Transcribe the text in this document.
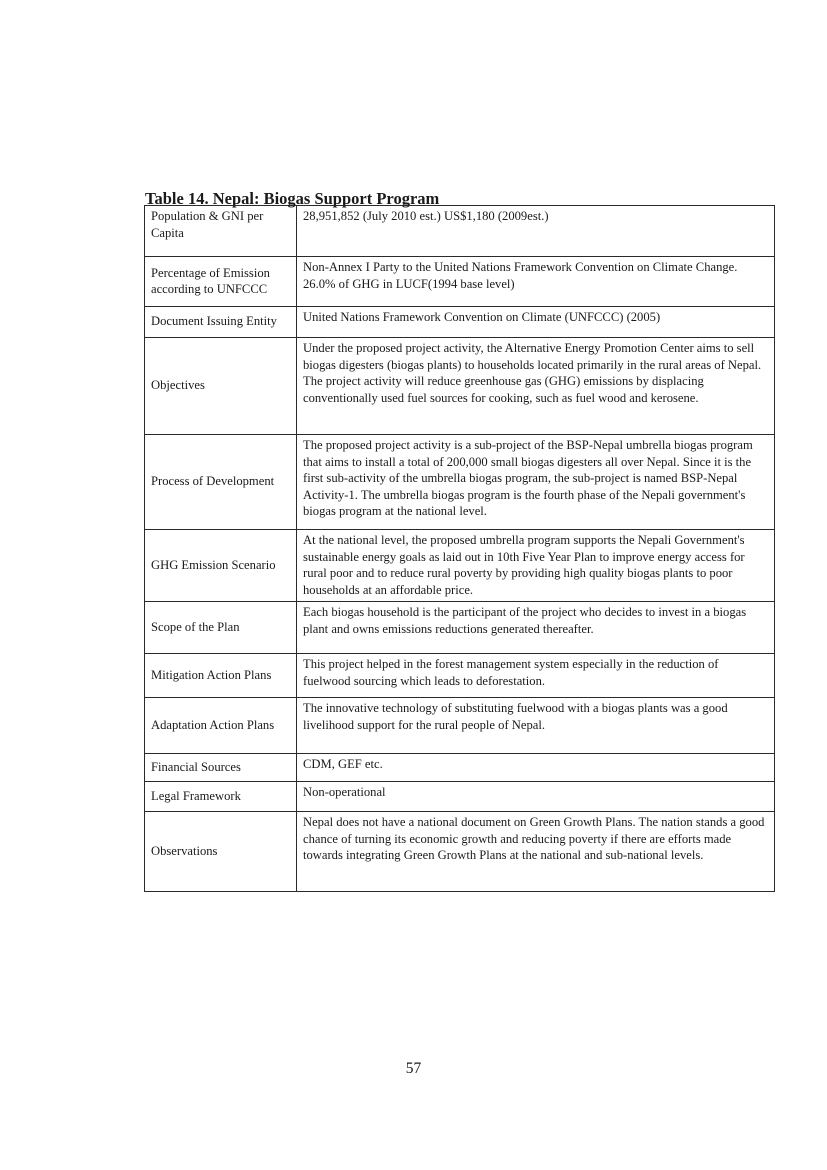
Table 14. Nepal: Biogas Support Program
Population & GNI per Capita	28,951,852 (July 2010 est.) US$1,180 (2009est.)
Percentage of Emission according to UNFCCC	Non-Annex I Party to the United Nations Framework Convention on Climate Change. 26.0% of GHG in LUCF(1994 base level)
Document Issuing Entity	United Nations Framework Convention on Climate (UNFCCC) (2005)
Objectives	Under the proposed project activity, the Alternative Energy Promotion Center aims to sell biogas digesters (biogas plants) to households located primarily in the rural areas of Nepal. The project activity will reduce greenhouse gas (GHG) emissions by displacing conventionally used fuel sources for cooking, such as fuel wood and kerosene.
Process of Development	The proposed project activity is a sub-project of the BSP-Nepal umbrella biogas program that aims to install a total of 200,000 small biogas digesters all over Nepal. Since it is the first sub-activity of the umbrella biogas program, the sub-project is named BSP-Nepal Activity-1. The umbrella biogas program is the fourth phase of the Nepali government's biogas program at the national level.
GHG Emission Scenario	At the national level, the proposed umbrella program supports the Nepali Government's sustainable energy goals as laid out in 10th Five Year Plan to improve energy access for rural poor and to reduce rural poverty by providing high quality biogas plants to poor households at an affordable price.
Scope of the Plan	Each biogas household is the participant of the project who decides to invest in a biogas plant and owns emissions reductions generated thereafter.
Mitigation Action Plans	This project helped in the forest management system especially in the reduction of fuelwood sourcing which leads to deforestation.
Adaptation Action Plans	The innovative technology of substituting fuelwood with a biogas plants was a good livelihood support for the rural people of Nepal.
Financial Sources	CDM, GEF etc.
Legal Framework	Non-operational
Observations	Nepal does not have a national document on Green Growth Plans. The nation stands a good chance of turning its economic growth and reducing poverty if there are efforts made towards integrating Green Growth Plans at the national and sub-national levels.
57
